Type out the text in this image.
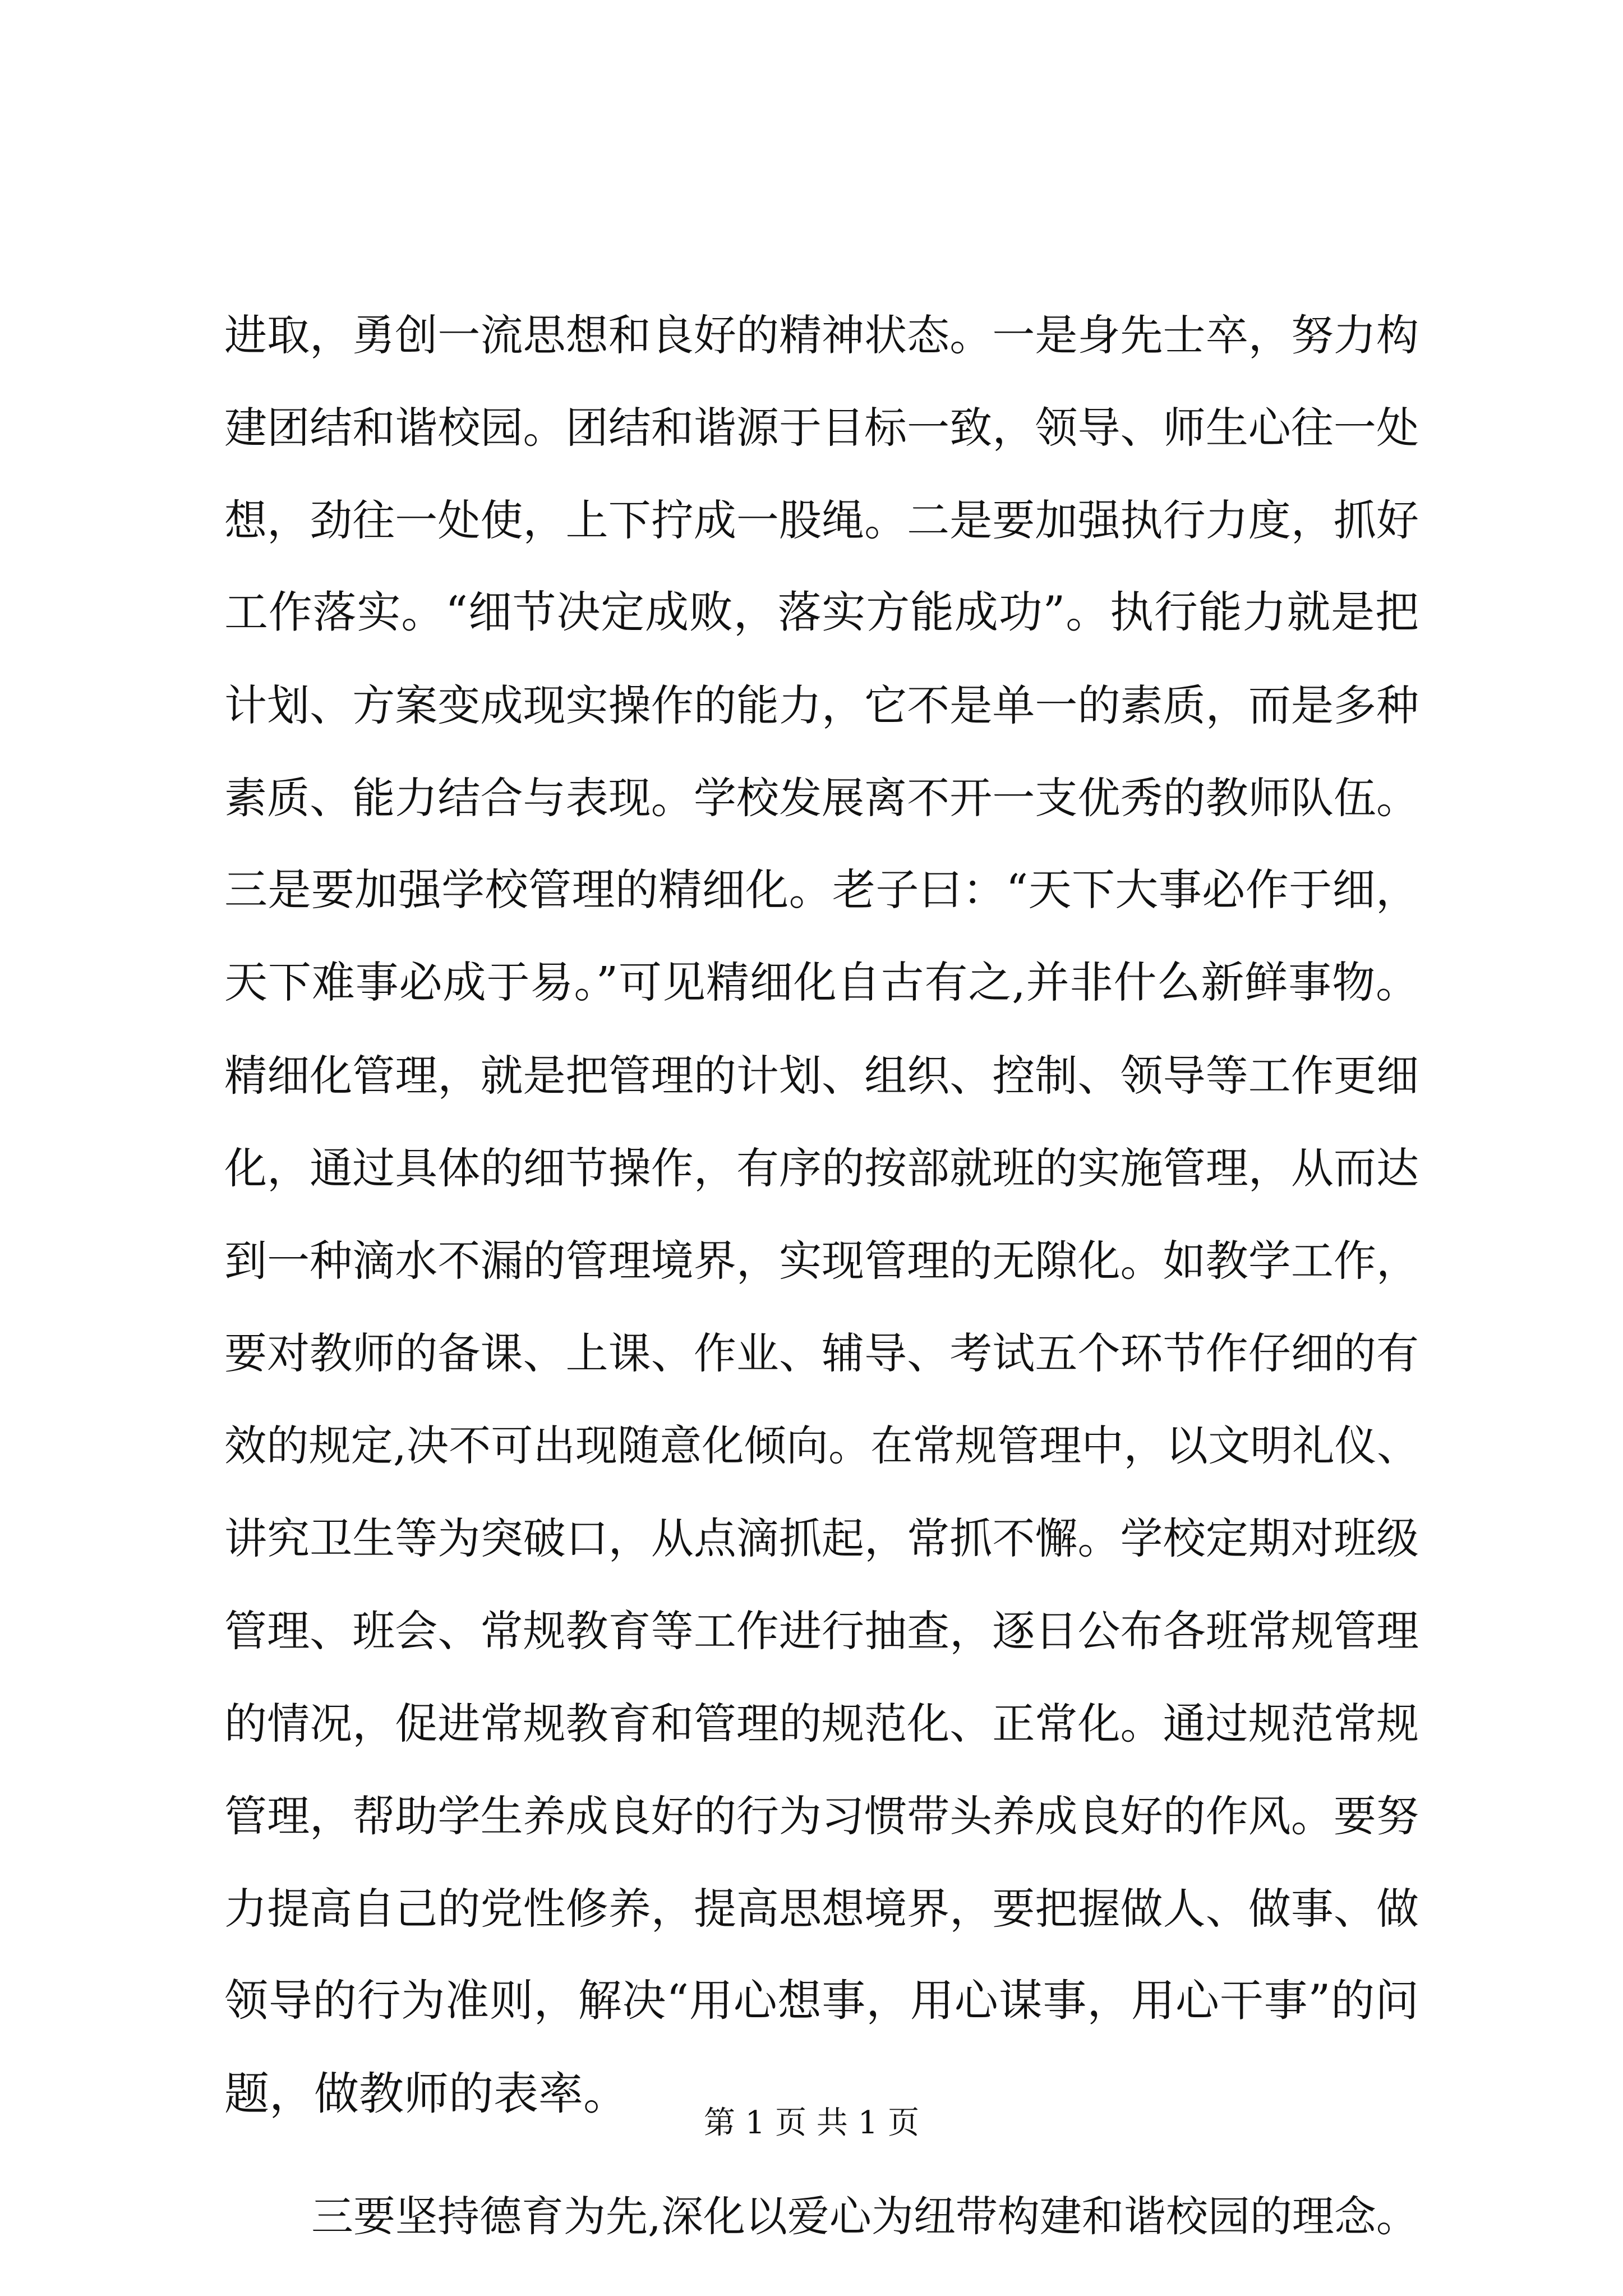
进取，勇创一流思想和良好的精神状态。一是身先士卒，努力构
建团结和谐校园。团结和谐源于目标一致，领导、师生心往一处
想，劲往一处使，上下拧成一股绳。二是要加强执行力度，抓好
工作落实。“细节决定成败，落实方能成功”。执行能力就是把
计划、方案变成现实操作的能力，它不是单一的素质，而是多种
素质、能力结合与表现。学校发展离不开一支优秀的教师队伍。
三是要加强学校管理的精细化。老子曰：“天下大事必作于细，
天下难事必成于易。”可见精细化自古有之,并非什么新鲜事物。
精细化管理，就是把管理的计划、组织、控制、领导等工作更细
化，通过具体的细节操作，有序的按部就班的实施管理，从而达
到一种滴水不漏的管理境界，实现管理的无隙化。如教学工作，
要对教师的备课、上课、作业、辅导、考试五个环节作仔细的有
效的规定,决不可出现随意化倾向。在常规管理中，以文明礼仪、
讲究卫生等为突破口，从点滴抓起，常抓不懈。学校定期对班级
管理、班会、常规教育等工作进行抽查，逐日公布各班常规管理
的情况，促进常规教育和管理的规范化、正常化。通过规范常规
管理，帮助学生养成良好的行为习惯带头养成良好的作风。要努
力提高自己的党性修养，提高思想境界，要把握做人、做事、做
领导的行为准则，解决“用心想事，用心谋事，用心干事”的问
题，做教师的表率。
三要坚持德育为先,深化以爱心为纽带构建和谐校园的理念。
第 1 页 共 1 页
